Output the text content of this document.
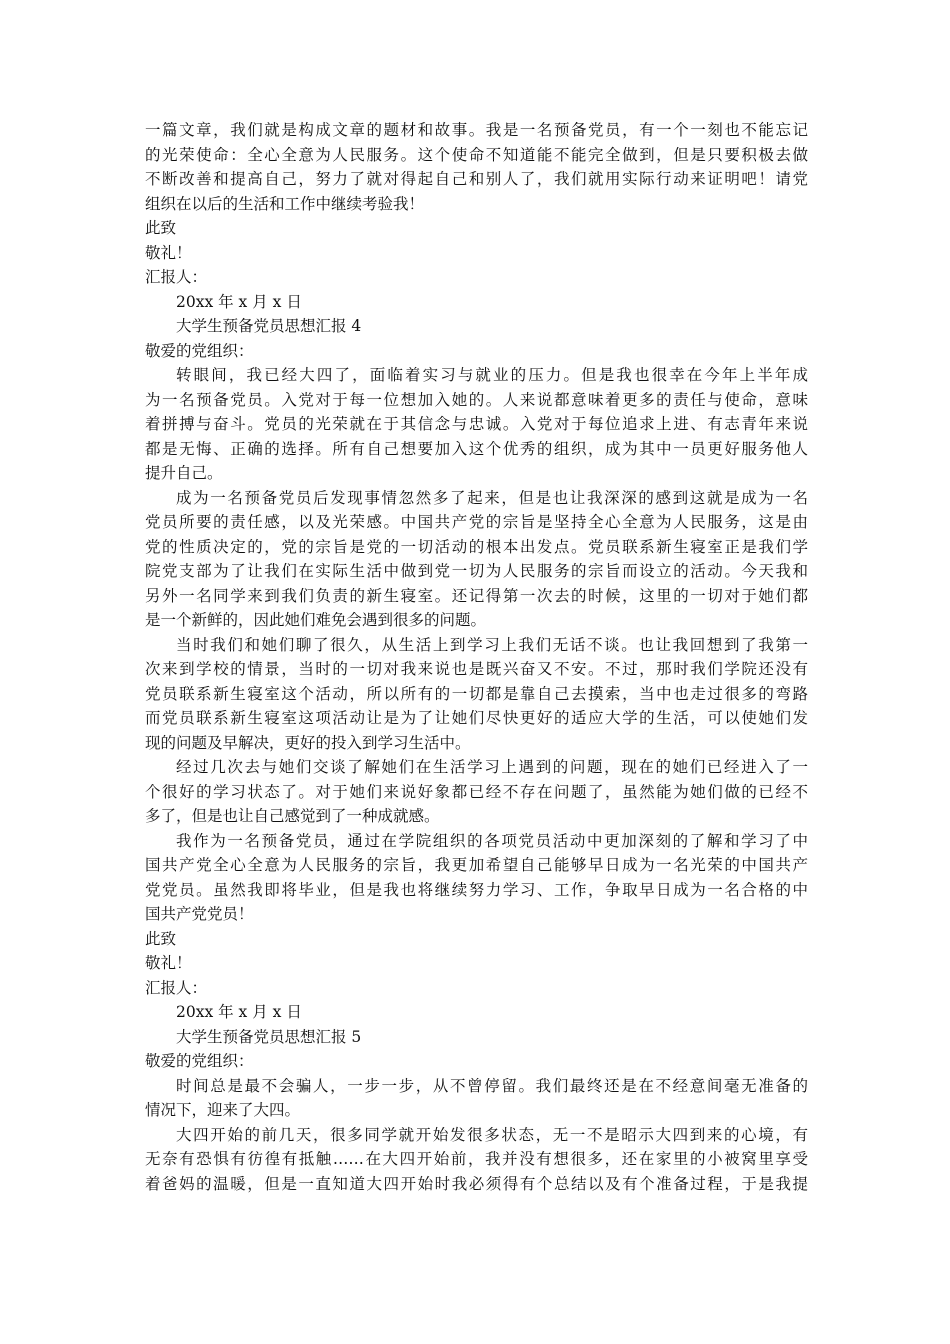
一篇文章，我们就是构成文章的题材和故事。我是一名预备党员，有一个一刻也不能忘记
的光荣使命：全心全意为人民服务。这个使命不知道能不能完全做到，但是只要积极去做
不断改善和提高自己，努力了就对得起自己和别人了，我们就用实际行动来证明吧！请党
组织在以后的生活和工作中继续考验我！
此致
敬礼！
汇报人：
20xx 年 x 月 x 日
大学生预备党员思想汇报 4
敬爱的党组织：
转眼间，我已经大四了，面临着实习与就业的压力。但是我也很幸在今年上半年成
为一名预备党员。入党对于每一位想加入她的。人来说都意味着更多的责任与使命，意味
着拼搏与奋斗。党员的光荣就在于其信念与忠诚。入党对于每位追求上进、有志青年来说
都是无悔、正确的选择。所有自己想要加入这个优秀的组织，成为其中一员更好服务他人
提升自己。
成为一名预备党员后发现事情忽然多了起来，但是也让我深深的感到这就是成为一名
党员所要的责任感，以及光荣感。中国共产党的宗旨是坚持全心全意为人民服务，这是由
党的性质决定的，党的宗旨是党的一切活动的根本出发点。党员联系新生寝室正是我们学
院党支部为了让我们在实际生活中做到党一切为人民服务的宗旨而设立的活动。今天我和
另外一名同学来到我们负责的新生寝室。还记得第一次去的时候，这里的一切对于她们都
是一个新鲜的，因此她们难免会遇到很多的问题。
当时我们和她们聊了很久，从生活上到学习上我们无话不谈。也让我回想到了我第一
次来到学校的情景，当时的一切对我来说也是既兴奋又不安。不过，那时我们学院还没有
党员联系新生寝室这个活动，所以所有的一切都是靠自己去摸索，当中也走过很多的弯路
而党员联系新生寝室这项活动让是为了让她们尽快更好的适应大学的生活，可以使她们发
现的问题及早解决，更好的投入到学习生活中。
经过几次去与她们交谈了解她们在生活学习上遇到的问题，现在的她们已经进入了一
个很好的学习状态了。对于她们来说好象都已经不存在问题了，虽然能为她们做的已经不
多了，但是也让自己感觉到了一种成就感。
我作为一名预备党员，通过在学院组织的各项党员活动中更加深刻的了解和学习了中
国共产党全心全意为人民服务的宗旨，我更加希望自己能够早日成为一名光荣的中国共产
党党员。虽然我即将毕业，但是我也将继续努力学习、工作，争取早日成为一名合格的中
国共产党党员！
此致
敬礼！
汇报人：
20xx 年 x 月 x 日
大学生预备党员思想汇报 5
敬爱的党组织：
时间总是最不会骗人，一步一步，从不曾停留。我们最终还是在不经意间毫无准备的
情况下，迎来了大四。
大四开始的前几天，很多同学就开始发很多状态，无一不是昭示大四到来的心境，有
无奈有恐惧有彷徨有抵触……在大四开始前，我并没有想很多，还在家里的小被窝里享受
着爸妈的温暖，但是一直知道大四开始时我必须得有个总结以及有个准备过程，于是我提
